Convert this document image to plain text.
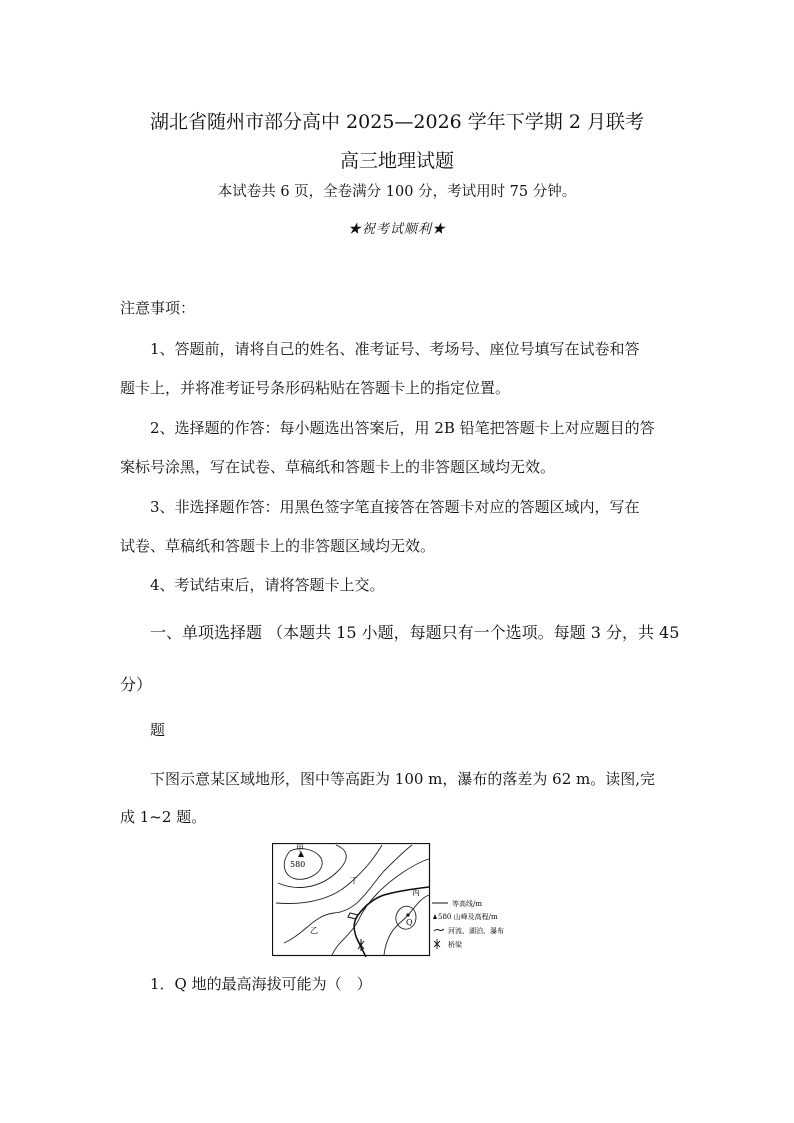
湖北省随州市部分高中 2025—2026 学年下学期 2 月联考
高三地理试题
本试卷共 6 页，全卷满分 100 分，考试用时 75 分钟。
★祝考试顺利★
注意事项：
1、答题前，请将自己的姓名、准考证号、考场号、座位号填写在试卷和答
题卡上，并将准考证号条形码粘贴在答题卡上的指定位置。
2、选择题的作答：每小题选出答案后，用 2B 铅笔把答题卡上对应题目的答
案标号涂黑，写在试卷、草稿纸和答题卡上的非答题区域均无效。
3、非选择题作答：用黑色签字笔直接答在答题卡对应的答题区域内，写在
试卷、草稿纸和答题卡上的非答题区域均无效。
4、考试结束后，请将答题卡上交。
一、单项选择题 （本题共 15 小题，每题只有一个选项。每题 3 分，共 45
分）
题
下图示意某区域地形，图中等高距为 100 m，瀑布的落差为 62 m。读图,完
成 1~2 题。
甲
580
丁
丙
乙
Q
等高线/m
580 山峰及高程/m
河流、湖泊、瀑布
桥梁
1．Q 地的最高海拔可能为（　）
